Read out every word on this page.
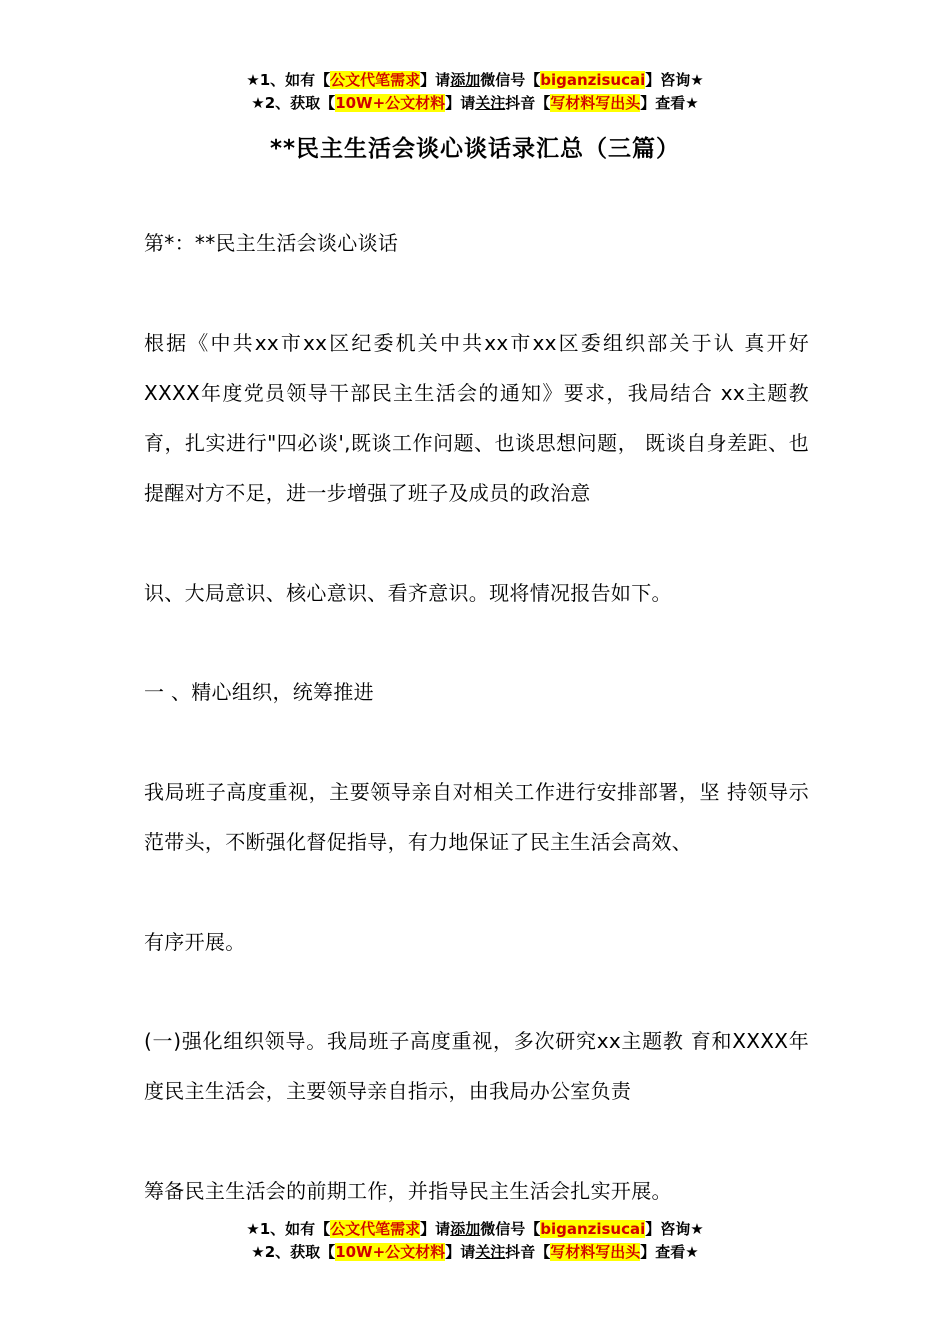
★1、如有【公文代笔需求】请添加微信号【biganzisucai】咨询★
★2、获取【10W+公文材料】请关注抖音【写材料写出头】查看★
**民主生活会谈心谈话录汇总（三篇）
第*：**民主生活会谈心谈话
根据《中共xx市xx区纪委机关中共xx市xx区委组织部关于认 真开好XXXX年度党员领导干部民主生活会的通知》要求，我局结合 xx主题教育，扎实进行"四必谈',既谈工作问题、也谈思想问题， 既谈自身差距、也提醒对方不足，进一步增强了班子及成员的政治意
识、大局意识、核心意识、看齐意识。现将情况报告如下。
一 、精心组织，统筹推进
我局班子高度重视，主要领导亲自对相关工作进行安排部署，坚 持领导示范带头，不断强化督促指导，有力地保证了民主生活会高效、
有序开展。
(一)强化组织领导。我局班子高度重视，多次研究xx主题教 育和XXXX年度民主生活会，主要领导亲自指示，由我局办公室负责
筹备民主生活会的前期工作，并指导民主生活会扎实开展。
★1、如有【公文代笔需求】请添加微信号【biganzisucai】咨询★
★2、获取【10W+公文材料】请关注抖音【写材料写出头】查看★
